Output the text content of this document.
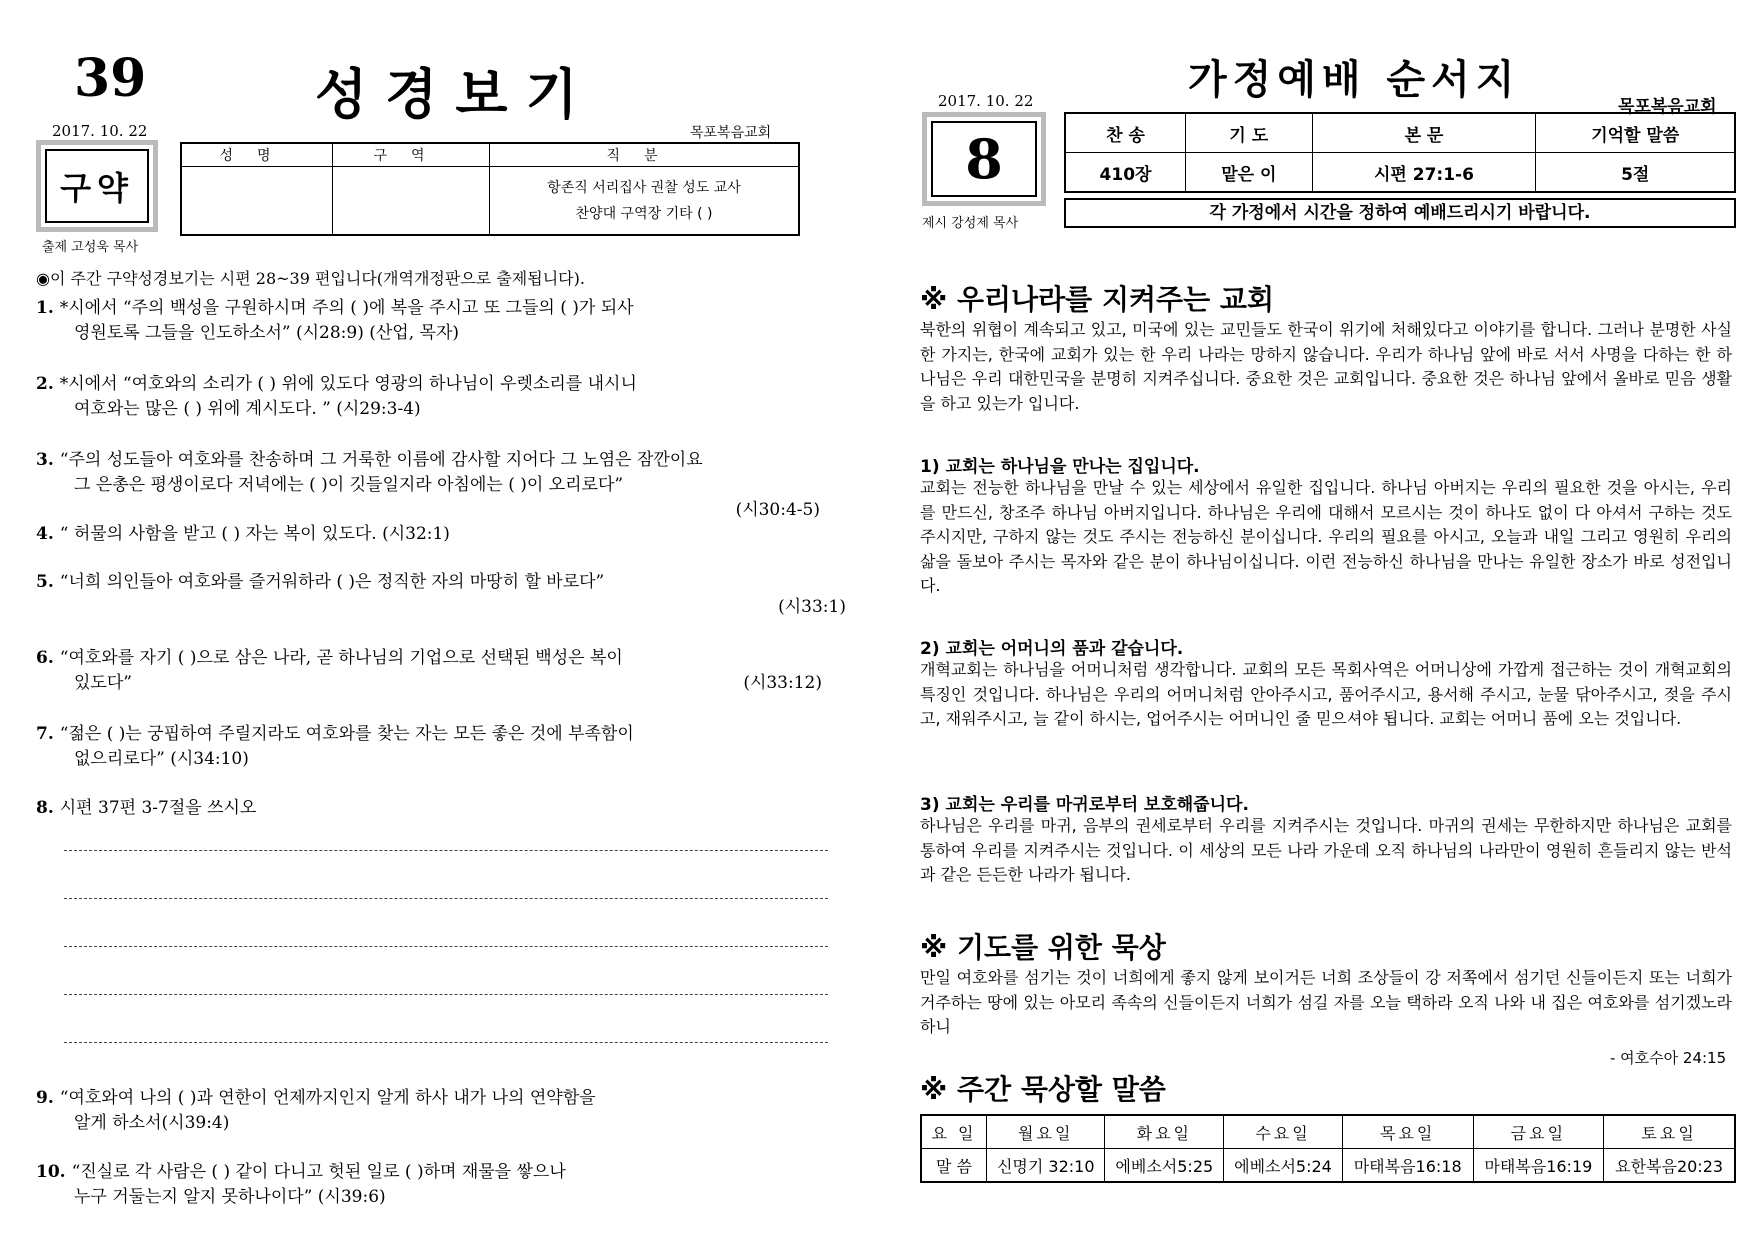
39	성경보기
2017. 10. 22	목포복음교회
구약
출제 고성욱 목사
성명	구역	직분

		항존직 서리집사 권찰 성도 교사
찬양대 구역장 기타 ( )
◉이 주간 구약성경보기는 시편 28~39 편입니다(개역개정판으로 출제됩니다).
1. *시에서 “주의 백성을 구원하시며 주의 ( )에 복을 주시고 또 그들의 ( )가 되사
영원토록 그들을 인도하소서” (시28:9) (산업, 목자)
2. *시에서 “여호와의 소리가 ( ) 위에 있도다 영광의 하나님이 우렛소리를 내시니
여호와는 많은 ( ) 위에 계시도다. ” (시29:3-4)
3. “주의 성도들아 여호와를 찬송하며 그 거룩한 이름에 감사할 지어다 그 노염은 잠깐이요
그 은총은 평생이로다 저녁에는 ( )이 깃들일지라 아침에는 ( )이 오리로다”
(시30:4-5)
4. “ 허물의 사함을 받고 ( ) 자는 복이 있도다. (시32:1)
5. “너희 의인들아 여호와를 즐거워하라 ( )은 정직한 자의 마땅히 할 바로다”
(시33:1)
6. “여호와를 자기 ( )으로 삼은 나라, 곧 하나님의 기업으로 선택된 백성은 복이
있도다”	(시33:12)
7. “젊은 ( )는 궁핍하여 주릴지라도 여호와를 찾는 자는 모든 좋은 것에 부족함이
없으리로다” (시34:10)
8. 시편 37편 3-7절을 쓰시오
9. “여호와여 나의 ( )과 연한이 언제까지인지 알게 하사 내가 나의 연약함을
알게 하소서(시39:4)
10. “진실로 각 사람은 ( ) 같이 다니고 헛된 일로 ( )하며 재물을 쌓으나
누구 거둘는지 알지 못하나이다” (시39:6)
가정예배 순서지
2017. 10. 22	목포복음교회
8
제시 강성제 목사
찬 송	기 도	본 문	기억할 말씀
410장	맡은 이	시편 27:1-6	5절
각 가정에서 시간을 정하여 예배드리시기 바랍니다.
※ 우리나라를 지켜주는 교회
북한의 위협이 계속되고 있고, 미국에 있는 교민들도 한국이 위기에 처해있다고 이야기를 합니다. 그러나 분명한 사실 한 가지는, 한국에 교회가 있는 한 우리 나라는 망하지 않습니다. 우리가 하나님 앞에 바로 서서 사명을 다하는 한 하나님은 우리 대한민국을 분명히 지켜주십니다. 중요한 것은 교회입니다. 중요한 것은 하나님 앞에서 올바로 믿음 생활을 하고 있는가 입니다.
1) 교회는 하나님을 만나는 집입니다.
교회는 전능한 하나님을 만날 수 있는 세상에서 유일한 집입니다. 하나님 아버지는 우리의 필요한 것을 아시는, 우리를 만드신, 창조주 하나님 아버지입니다. 하나님은 우리에 대해서 모르시는 것이 하나도 없이 다 아셔서 구하는 것도 주시지만, 구하지 않는 것도 주시는 전능하신 분이십니다. 우리의 필요를 아시고, 오늘과 내일 그리고 영원히 우리의 삶을 돌보아 주시는 목자와 같은 분이 하나님이십니다. 이런 전능하신 하나님을 만나는 유일한 장소가 바로 성전입니다.
2) 교회는 어머니의 품과 같습니다.
개혁교회는 하나님을 어머니처럼 생각합니다. 교회의 모든 목회사역은 어머니상에 가깝게 접근하는 것이 개혁교회의 특징인 것입니다. 하나님은 우리의 어머니처럼 안아주시고, 품어주시고, 용서해 주시고, 눈물 닦아주시고, 젖을 주시고, 재워주시고, 늘 같이 하시는, 업어주시는 어머니인 줄 믿으셔야 됩니다. 교회는 어머니 품에 오는 것입니다.
3) 교회는 우리를 마귀로부터 보호해줍니다.
하나님은 우리를 마귀, 음부의 권세로부터 우리를 지켜주시는 것입니다. 마귀의 권세는 무한하지만 하나님은 교회를 통하여 우리를 지켜주시는 것입니다. 이 세상의 모든 나라 가운데 오직 하나님의 나라만이 영원히 흔들리지 않는 반석과 같은 든든한 나라가 됩니다.
※ 기도를 위한 묵상
만일 여호와를 섬기는 것이 너희에게 좋지 않게 보이거든 너희 조상들이 강 저쪽에서 섬기던 신들이든지 또는 너희가 거주하는 땅에 있는 아모리 족속의 신들이든지 너희가 섬길 자를 오늘 택하라 오직 나와 내 집은 여호와를 섬기겠노라 하니
- 여호수아 24:15
※ 주간 묵상할 말씀
요 일	월요일	화요일	수요일	목요일	금요일	토요일
말 씀	신명기 32:10	에베소서5:25	에베소서5:24	마태복음16:18	마태복음16:19	요한복음20:23
